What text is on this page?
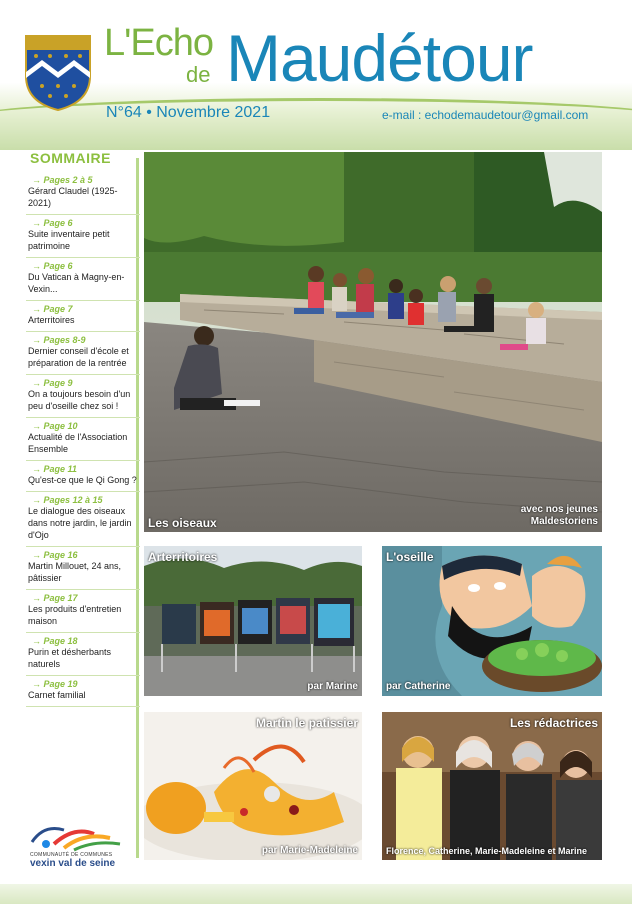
L'Echo
de Maudétour
N°64 • Novembre 2021	e-mail : echodemaudetour@gmail.com
SOMMAIRE
→ Pages 2 à 5
Gérard Claudel (1925-2021)
→ Page 6
Suite inventaire petit patrimoine
→ Page 6
Du Vatican à Magny-en-Vexin...
→ Page 7
Arterritoires
→ Pages 8-9
Dernier conseil d'école et préparation de la rentrée
→ Page 9
On a toujours besoin d'un peu d'oseille chez soi !
→ Page 10
Actualité de l'Association Ensemble
→ Page 11
Qu'est-ce que le Qi Gong ?
→ Pages 12 à 15
Le dialogue des oiseaux dans notre jardin, le jardin d'Ojo
→ Page 16
Martin Millouet, 24 ans, pâtissier
→ Page 17
Les produits d'entretien maison
→ Page 18
Purin et désherbants naturels
→ Page 19
Carnet familial
COMMUNAUTÉ DE COMMUNES
vexin val de seine
Les oiseaux
avec nos jeunes Maldestoriens
Arterritoires
par Marine
L'oseille
par Catherine
Martin le patissier
par Marie-Madeleine
Les rédactrices
Florence, Catherine, Marie-Madeleine et Marine
